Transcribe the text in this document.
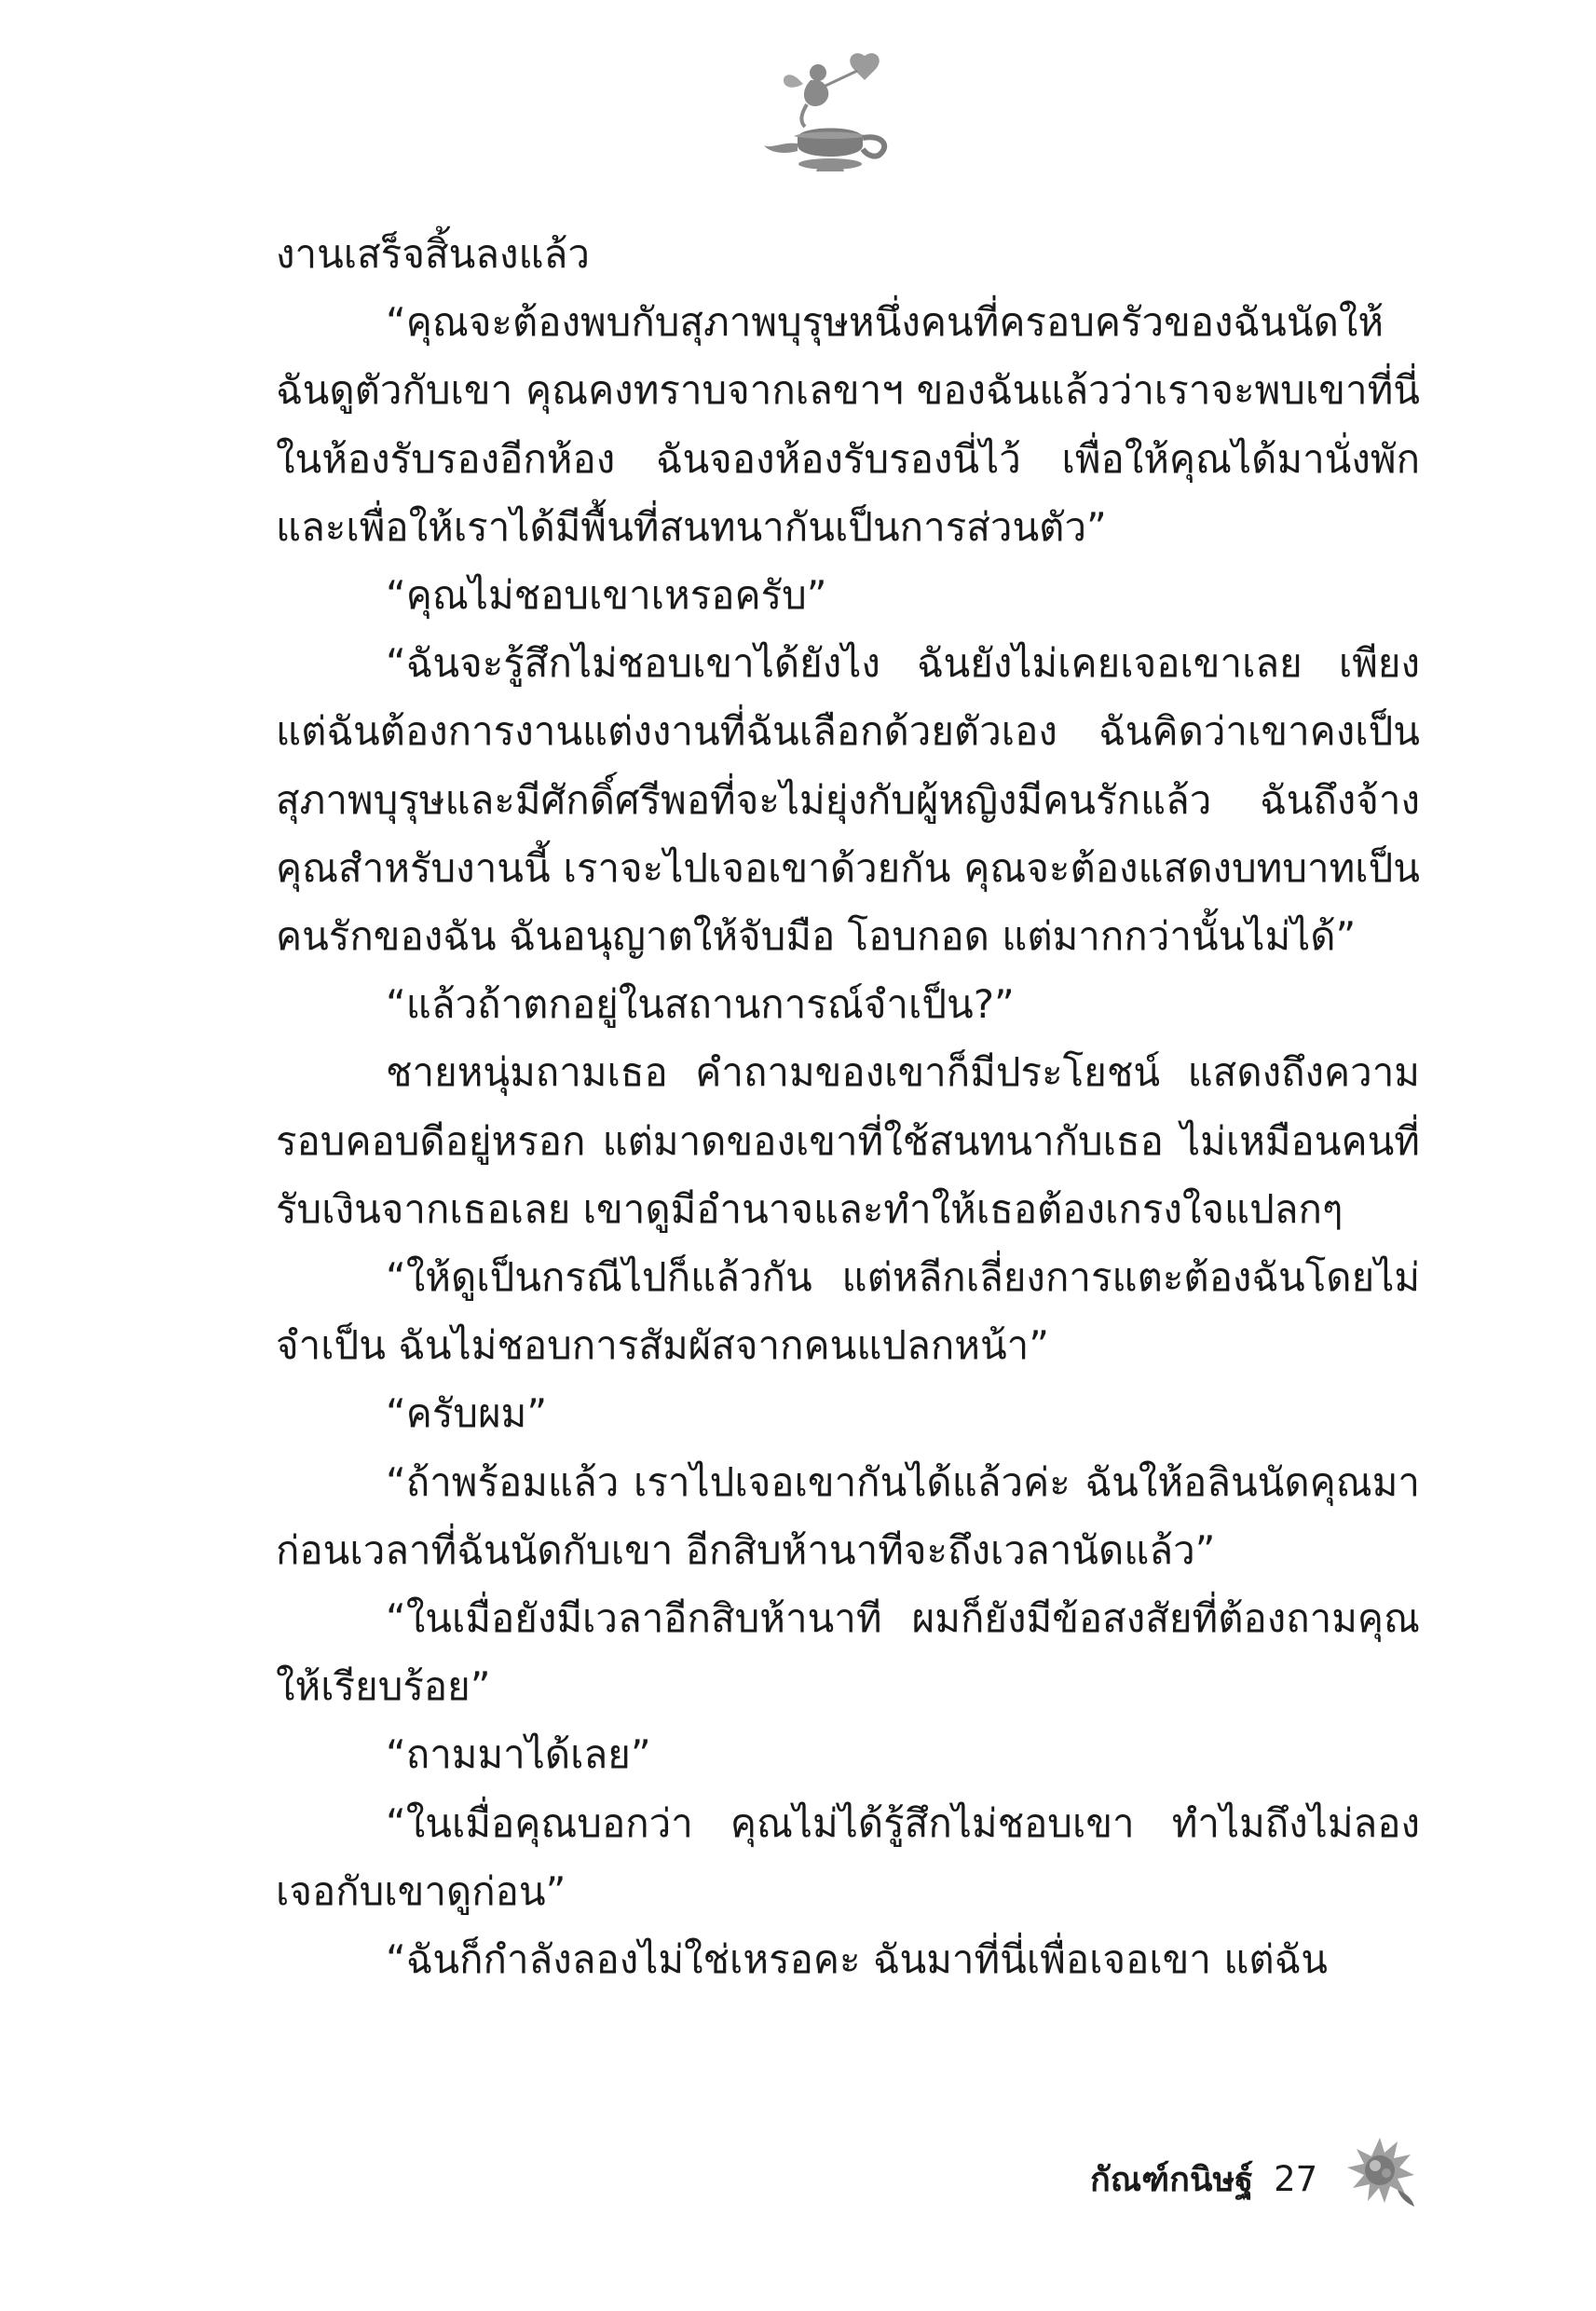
งานเสร็จสิ้นลงแล้ว

“คุณจะต้องพบกับสุภาพบุรุษหนึ่งคนที่ครอบครัวของฉันนัดให้ฉันดูตัวกับเขา คุณคงทราบจากเลขาฯ ของฉันแล้วว่าเราจะพบเขาที่นี่ในห้องรับรองอีกห้อง ฉันจองห้องรับรองนี่ไว้ เพื่อให้คุณได้มานั่งพักและเพื่อให้เราได้มีพื้นที่สนทนากันเป็นการส่วนตัว”

“คุณไม่ชอบเขาเหรอครับ”

“ฉันจะรู้สึกไม่ชอบเขาได้ยังไง ฉันยังไม่เคยเจอเขาเลย เพียงแต่ฉันต้องการงานแต่งงานที่ฉันเลือกด้วยตัวเอง ฉันคิดว่าเขาคงเป็นสุภาพบุรุษและมีศักดิ์ศรีพอที่จะไม่ยุ่งกับผู้หญิงมีคนรักแล้ว ฉันถึงจ้างคุณสำหรับงานนี้ เราจะไปเจอเขาด้วยกัน คุณจะต้องแสดงบทบาทเป็นคนรักของฉัน ฉันอนุญาตให้จับมือ โอบกอด แต่มากกว่านั้นไม่ได้”

“แล้วถ้าตกอยู่ในสถานการณ์จำเป็น?”

ชายหนุ่มถามเธอ คำถามของเขาก็มีประโยชน์ แสดงถึงความรอบคอบดีอยู่หรอก แต่มาดของเขาที่ใช้สนทนากับเธอ ไม่เหมือนคนที่รับเงินจากเธอเลย เขาดูมีอำนาจและทำให้เธอต้องเกรงใจแปลกๆ

“ให้ดูเป็นกรณีไปก็แล้วกัน แต่หลีกเลี่ยงการแตะต้องฉันโดยไม่จำเป็น ฉันไม่ชอบการสัมผัสจากคนแปลกหน้า”

“ครับผม”

“ถ้าพร้อมแล้ว เราไปเจอเขากันได้แล้วค่ะ ฉันให้อลินนัดคุณมาก่อนเวลาที่ฉันนัดกับเขา อีกสิบห้านาทีจะถึงเวลานัดแล้ว”

“ในเมื่อยังมีเวลาอีกสิบห้านาที ผมก็ยังมีข้อสงสัยที่ต้องถามคุณให้เรียบร้อย”

“ถามมาได้เลย”

“ในเมื่อคุณบอกว่า คุณไม่ได้รู้สึกไม่ชอบเขา ทำไมถึงไม่ลองเจอกับเขาดูก่อน”

“ฉันก็กำลังลองไม่ใช่เหรอคะ ฉันมาที่นี่เพื่อเจอเขา แต่ฉัน

กัณฑ์กนิษฐ์ 27
